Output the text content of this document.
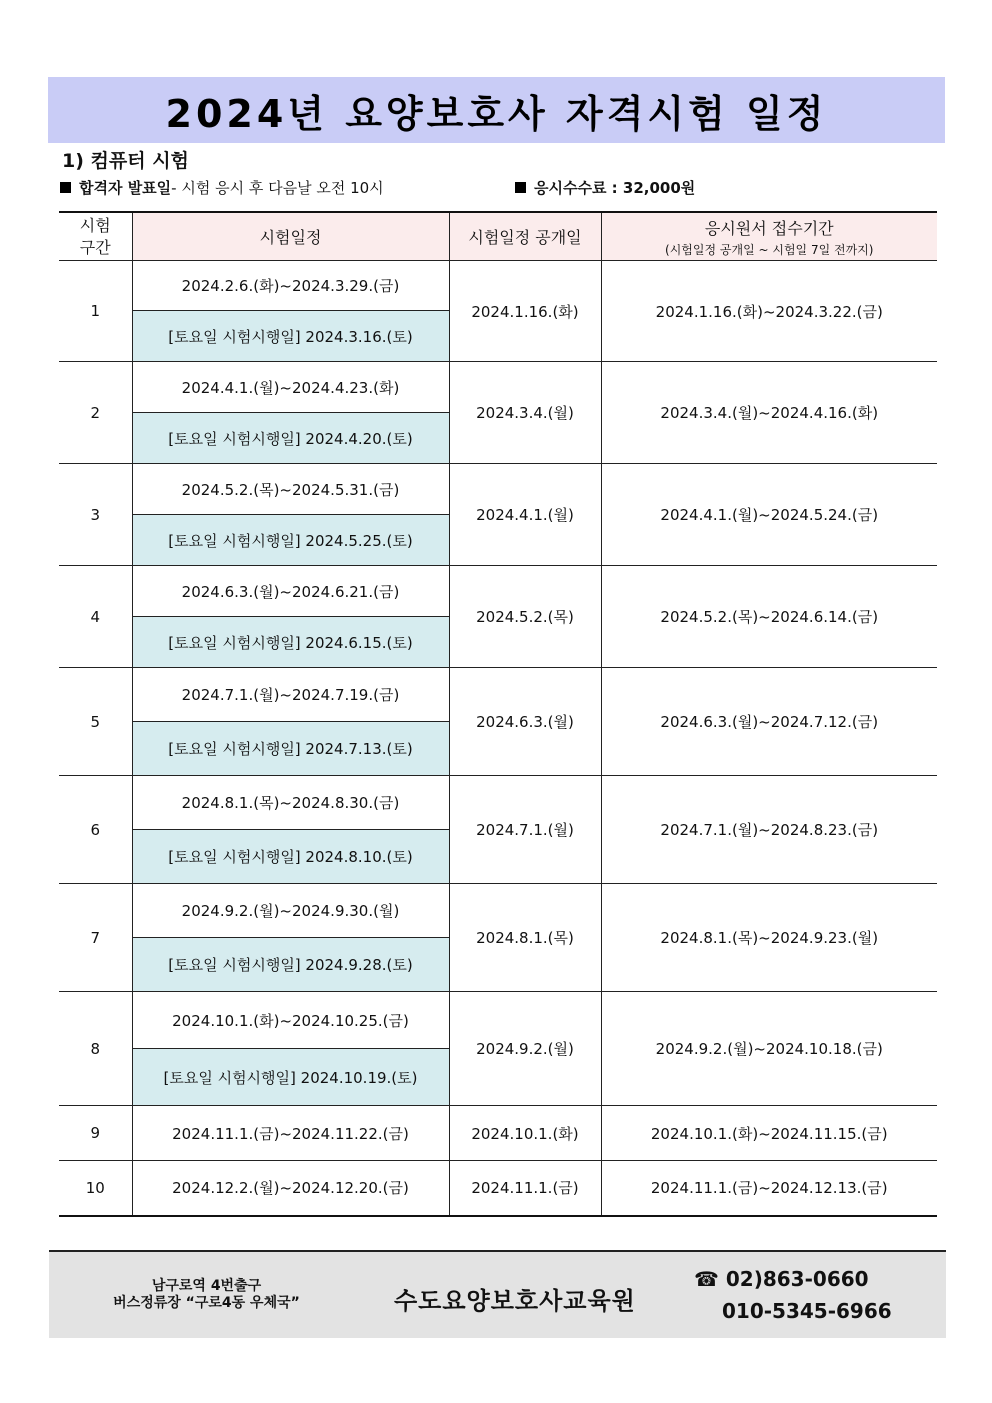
2024년 요양보호사 자격시험 일정
1) 컴퓨터 시험
합격자 발표일- 시험 응시 후 다음날 오전 10시	응시수수료 : 32,000원
시험
구간	시험일정	시험일정 공개일	응시원서 접수기간
(시험일정 공개일 ~ 시험일 7일 전까지)

1	2024.2.6.(화)~2024.3.29.(금)	2024.1.16.(화)	2024.1.16.(화)~2024.3.22.(금)
	[토요일 시험시행일] 2024.3.16.(토)		
2	2024.4.1.(월)~2024.4.23.(화)	2024.3.4.(월)	2024.3.4.(월)~2024.4.16.(화)
	[토요일 시험시행일] 2024.4.20.(토)		
3	2024.5.2.(목)~2024.5.31.(금)	2024.4.1.(월)	2024.4.1.(월)~2024.5.24.(금)
	[토요일 시험시행일] 2024.5.25.(토)		
4	2024.6.3.(월)~2024.6.21.(금)	2024.5.2.(목)	2024.5.2.(목)~2024.6.14.(금)
	[토요일 시험시행일] 2024.6.15.(토)		
5	2024.7.1.(월)~2024.7.19.(금)	2024.6.3.(월)	2024.6.3.(월)~2024.7.12.(금)
	[토요일 시험시행일] 2024.7.13.(토)		
6	2024.8.1.(목)~2024.8.30.(금)	2024.7.1.(월)	2024.7.1.(월)~2024.8.23.(금)
	[토요일 시험시행일] 2024.8.10.(토)		
7	2024.9.2.(월)~2024.9.30.(월)	2024.8.1.(목)	2024.8.1.(목)~2024.9.23.(월)
	[토요일 시험시행일] 2024.9.28.(토)		
8	2024.10.1.(화)~2024.10.25.(금)	2024.9.2.(월)	2024.9.2.(월)~2024.10.18.(금)
	[토요일 시험시행일] 2024.10.19.(토)		
9	2024.11.1.(금)~2024.11.22.(금)	2024.10.1.(화)	2024.10.1.(화)~2024.11.15.(금)
10	2024.12.2.(월)~2024.12.20.(금)	2024.11.1.(금)	2024.11.1.(금)~2024.12.13.(금)
남구로역 4번출구
버스정류장 “구로4동 우체국”	수도요양보호사교육원
☎ 02)863-0660
010-5345-6966
